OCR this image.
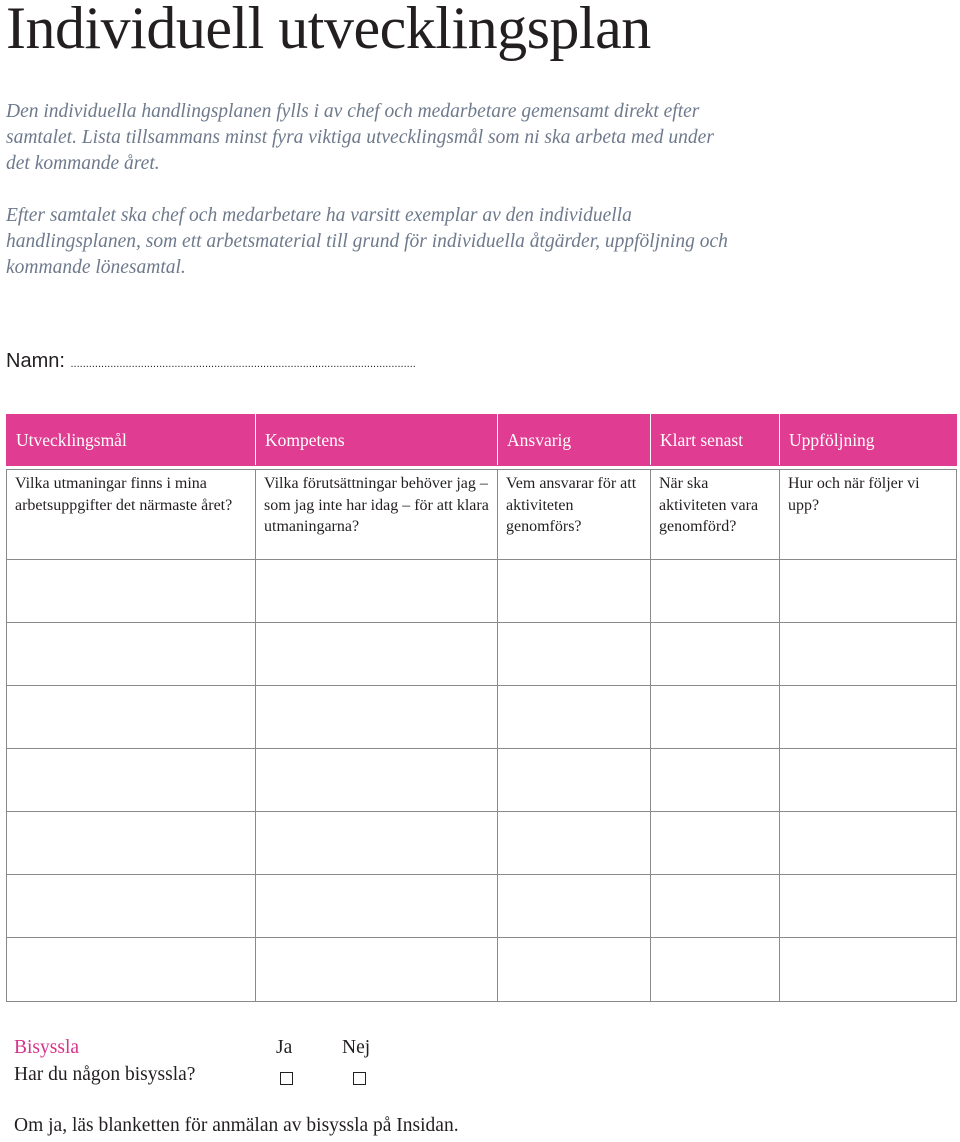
Individuell utvecklingsplan

Den individuella handlingsplanen fylls i av chef och medarbetare gemensamt direkt efter samtalet. Lista tillsammans minst fyra viktiga utvecklingsmål som ni ska arbeta med under det kommande året.

Efter samtalet ska chef och medarbetare ha varsitt exemplar av den individuella handlingsplanen, som ett arbetsmaterial till grund för individuella åtgärder, uppföljning och kommande lönesamtal.

Namn: .................................................................................................................
Utvecklingsmål	Kompetens	Ansvarig	Klart senast	Uppföljning

Vilka utmaningar finns i mina arbetsuppgifter det närmaste året?	Vilka förutsättningar behöver jag – som jag inte har idag – för att klara utmaningarna?	Vem ansvarar för att aktiviteten genomförs?	När ska aktiviteten vara genomförd?	Hur och när följer vi upp?

Bisyssla	Ja	Nej
Har du någon bisyssla?
Om ja, läs blanketten för anmälan av bisyssla på Insidan.
